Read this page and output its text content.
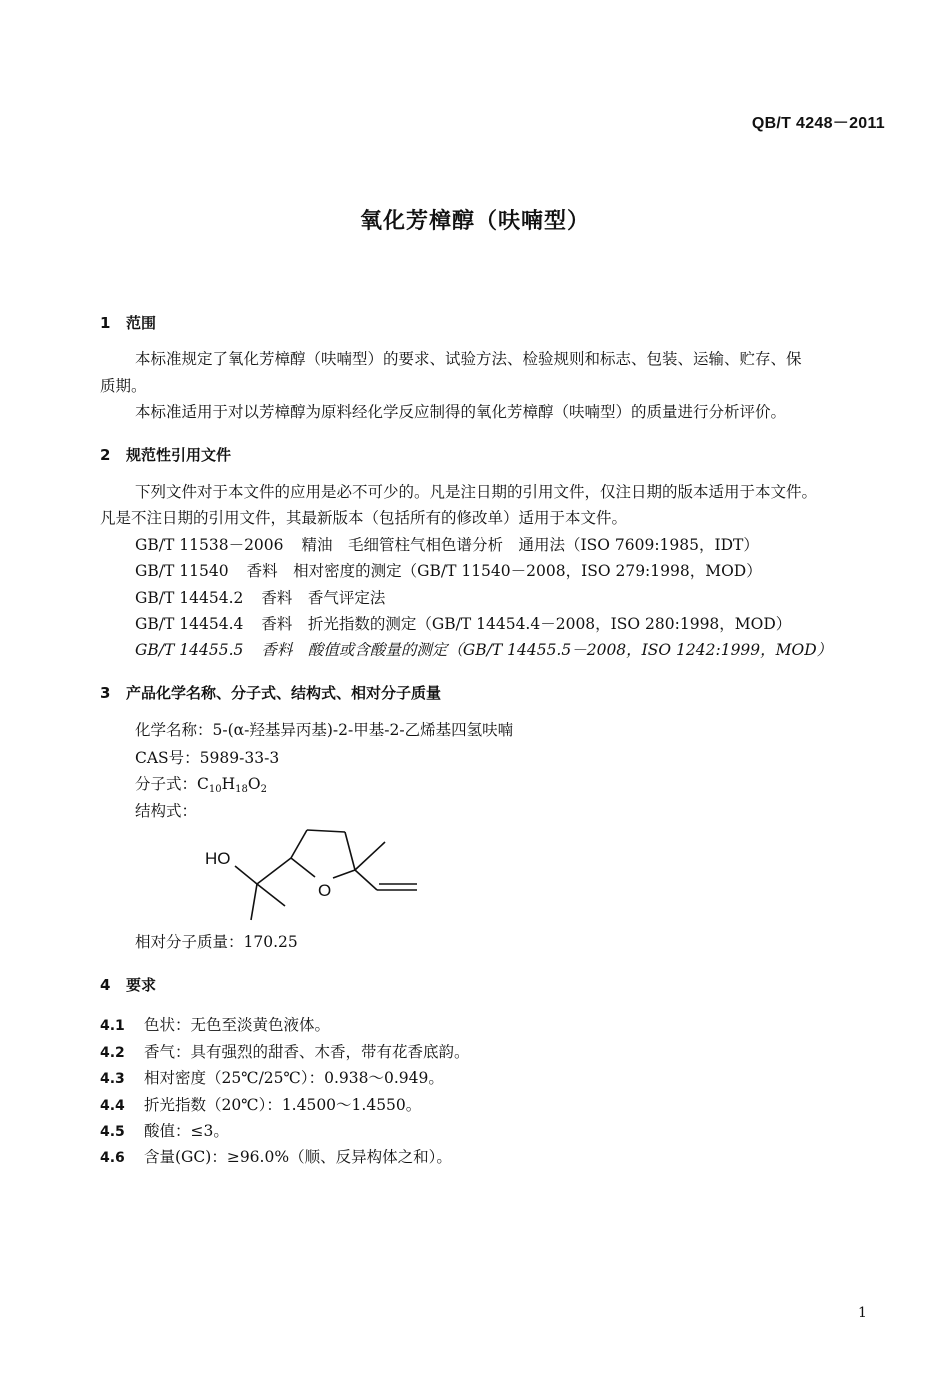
QB/T 4248－2011
氧化芳樟醇（呋喃型）
1 范围
本标准规定了氧化芳樟醇（呋喃型）的要求、试验方法、检验规则和标志、包装、运输、贮存、保
质期。
本标准适用于对以芳樟醇为原料经化学反应制得的氧化芳樟醇（呋喃型）的质量进行分析评价。
2 规范性引用文件
下列文件对于本文件的应用是必不可少的。凡是注日期的引用文件，仅注日期的版本适用于本文件。
凡是不注日期的引用文件，其最新版本（包括所有的修改单）适用于本文件。
GB/T 11538－2006 精油　毛细管柱气相色谱分析　通用法（ISO 7609:1985，IDT）
GB/T 11540 香料　相对密度的测定（GB/T 11540－2008，ISO 279:1998，MOD）
GB/T 14454.2 香料　香气评定法
GB/T 14454.4 香料　折光指数的测定（GB/T 14454.4－2008，ISO 280:1998，MOD）
GB/T 14455.5 香料　酸值或含酸量的测定（GB/T 14455.5－2008，ISO 1242:1999，MOD）
3 产品化学名称、分子式、结构式、相对分子质量
化学名称：5-(α-羟基异丙基)-2-甲基-2-乙烯基四氢呋喃
CAS号：5989-33-3
分子式：$C_{10}H_{18}O_2$
结构式：
HO
O
相对分子质量：170.25
4 要求
4.1 色状：无色至淡黄色液体。
4.2 香气：具有强烈的甜香、木香，带有花香底韵。
4.3 相对密度（25℃/25℃）：0.938～0.949。
4.4 折光指数（20℃）：1.4500～1.4550。
4.5 酸值：≤3。
4.6 含量(GC)：≥96.0%（顺、反异构体之和）。
1
